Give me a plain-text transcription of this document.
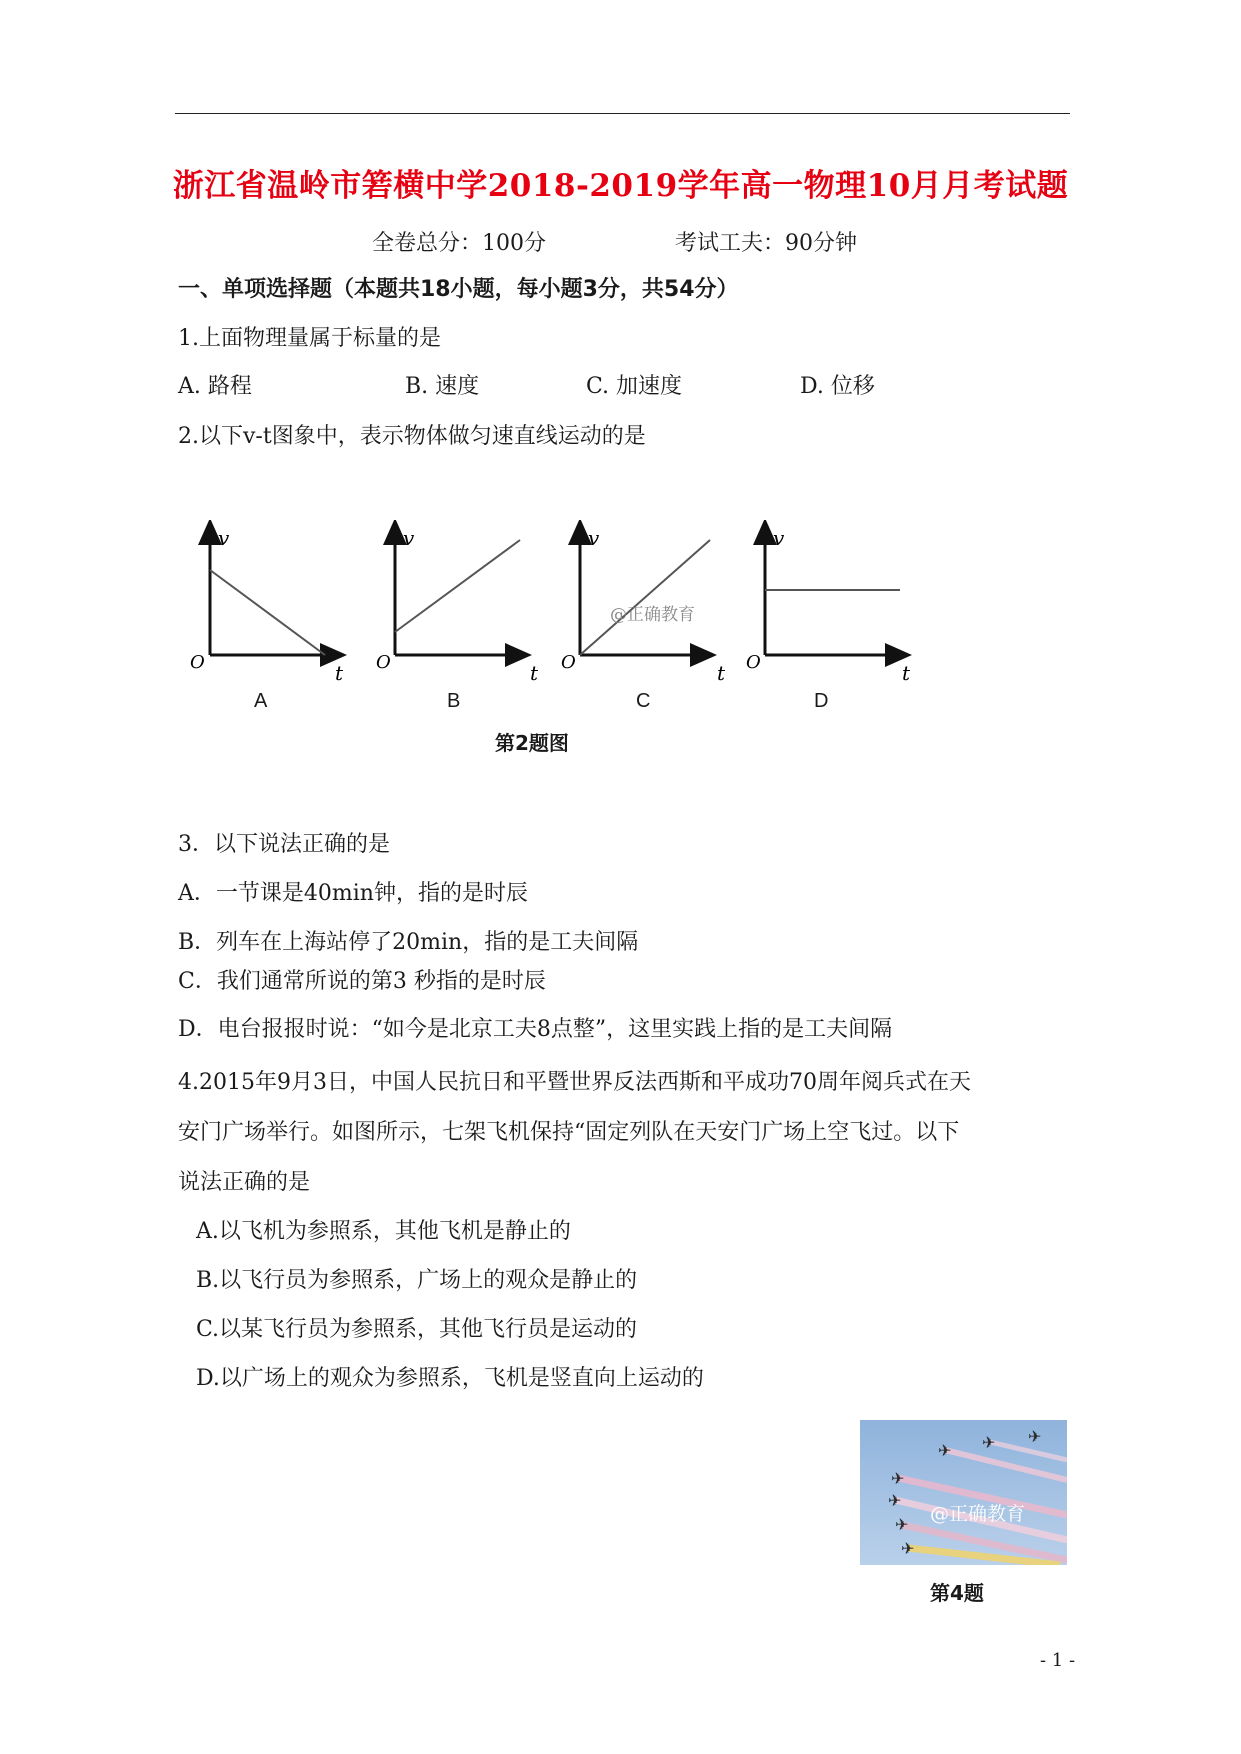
浙江省温岭市箬横中学2018-2019学年高一物理10月月考试题
全卷总分：100分	考试工夫：90分钟
一、单项选择题（本题共18小题，每小题3分，共54分）
1.上面物理量属于标量的是
A. 路程	B. 速度	C. 加速度	D. 位移
2.以下v-t图象中，表示物体做匀速直线运动的是
v
O	t
v
O	t
v
O	t
@正确教育
v
O	t
A	B	C	D
第2题图
3．以下说法正确的是
A．一节课是40min钟，指的是时辰
B．列车在上海站停了20min，指的是工夫间隔
C．我们通常所说的第3 秒指的是时辰
D．电台报报时说：“如今是北京工夫8点整”，这里实践上指的是工夫间隔
4.2015年9月3日，中国人民抗日和平暨世界反法西斯和平成功70周年阅兵式在天
安门广场举行。如图所示，七架飞机保持“固定列队在天安门广场上空飞过。以下
说法正确的是
A.以飞机为参照系，其他飞机是静止的
B.以飞行员为参照系，广场上的观众是静止的
C.以某飞行员为参照系，其他飞行员是运动的
D.以广场上的观众为参照系，飞机是竖直向上运动的
✈
✈
✈ ✈
✈
✈
✈
@正确教育
第4题
- 1 -
